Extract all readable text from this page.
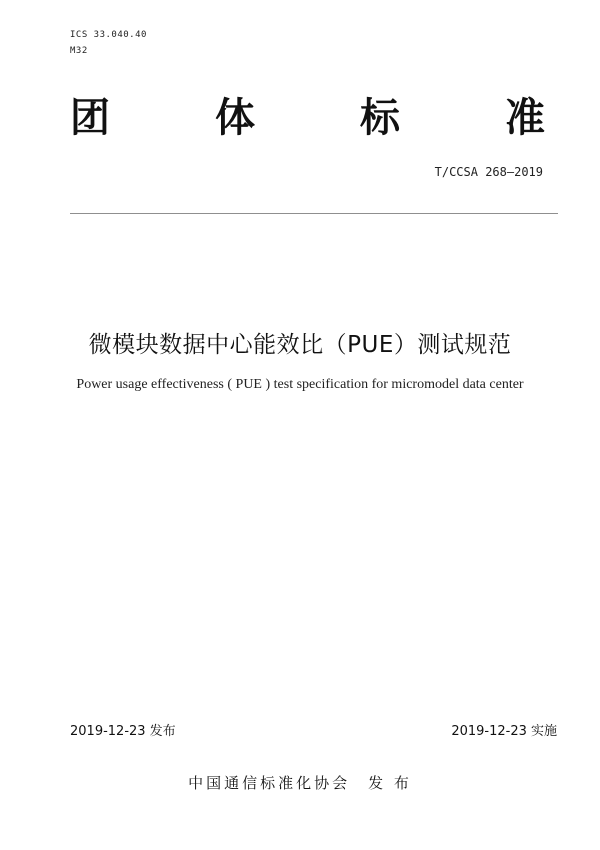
ICS 33.040.40
M32
团	体	标	准
T/CCSA 268—2019
微模块数据中心能效比（PUE）测试规范
Power usage effectiveness ( PUE ) test specification for micromodel data center
2019-12-23 发布	2019-12-23 实施
中国通信标准化协会 发 布
